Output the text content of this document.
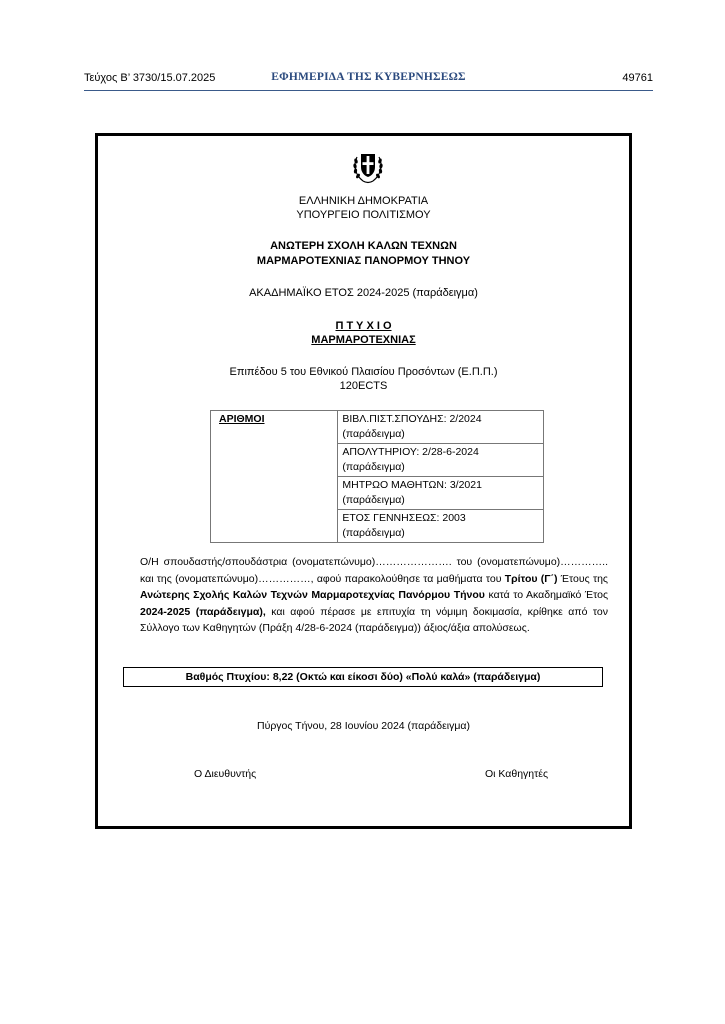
Τεύχος Β’ 3730/15.07.2025	ΕΦΗΜΕΡΙΔΑ ΤΗΣ ΚΥΒΕΡΝΗΣΕΩΣ	49761
ΕΛΛΗΝΙΚΗ ΔΗΜΟΚΡΑΤΙΑ
ΥΠΟΥΡΓΕΙΟ ΠΟΛΙΤΙΣΜΟΥ
ΑΝΩΤΕΡΗ ΣΧΟΛΗ ΚΑΛΩΝ ΤΕΧΝΩΝ
ΜΑΡΜΑΡΟΤΕΧΝΙΑΣ ΠΑΝΟΡΜΟΥ ΤΗΝΟΥ
ΑΚΑΔΗΜΑΪΚΟ ΕΤΟΣ 2024-2025 (παράδειγμα)
Π Τ Υ Χ Ι Ο
ΜΑΡΜΑΡΟΤΕΧΝΙΑΣ
Επιπέδου 5 του Εθνικού Πλαισίου Προσόντων (Ε.Π.Π.)
120ECTS
ΑΡΙΘΜΟΙ	ΒΙΒΛ.ΠΙΣΤ.ΣΠΟΥΔΗΣ: 2/2024
(παράδειγμα)

ΑΠΟΛΥΤΗΡΙΟΥ: 2/28-6-2024
(παράδειγμα)

ΜΗΤΡΩΟ ΜΑΘΗΤΩΝ: 3/2021
(παράδειγμα)

ΕΤΟΣ ΓΕΝΝΗΣΕΩΣ: 2003
(παράδειγμα)
Ο/Η σπουδαστής/σπουδάστρια (ονοματεπώνυμο)…………………. του (ονοματεπώνυμο)………….. και της (ονοματεπώνυμο)……………, αφού παρακολούθησε τα μαθήματα του Τρίτου (Γ΄) Έτους της Ανώτερης Σχολής Καλών Τεχνών Μαρμαροτεχνίας Πανόρμου Τήνου κατά το Ακαδημαϊκό Έτος 2024-2025 (παράδειγμα), και αφού πέρασε με επιτυχία τη νόμιμη δοκιμασία, κρίθηκε από τον Σύλλογο των Καθηγητών (Πράξη 4/28-6-2024 (παράδειγμα)) άξιος/άξια απολύσεως.
Βαθμός Πτυχίου: 8,22 (Οκτώ και είκοσι δύο) «Πολύ καλά» (παράδειγμα)
Πύργος Τήνου, 28 Ιουνίου 2024 (παράδειγμα)
Ο Διευθυντής	Οι Καθηγητές
